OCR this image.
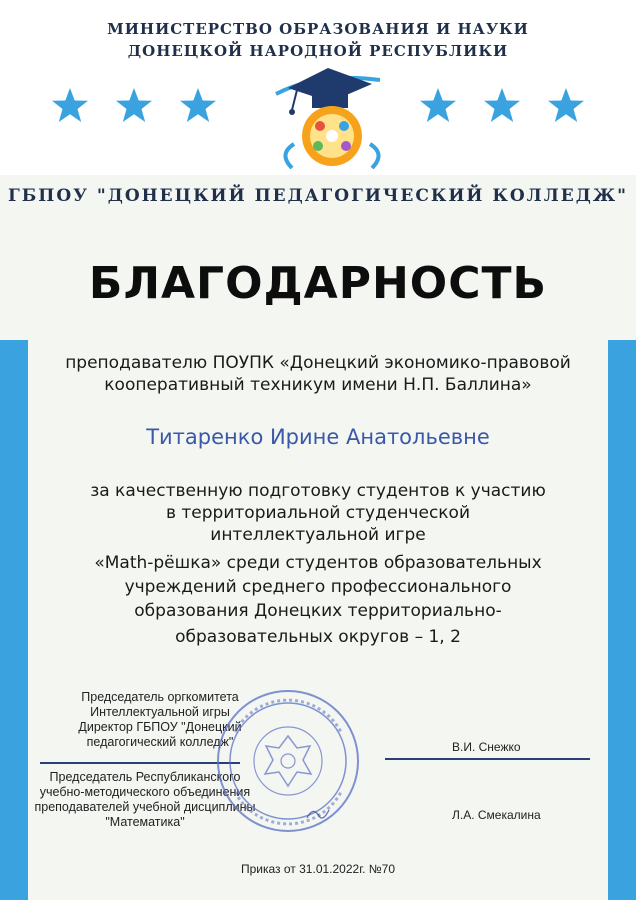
МИНИСТЕРСТВО ОБРАЗОВАНИЯ И НАУКИ
ДОНЕЦКОЙ НАРОДНОЙ РЕСПУБЛИКИ
ГБПОУ "ДОНЕЦКИЙ ПЕДАГОГИЧЕСКИЙ КОЛЛЕДЖ"
БЛАГОДАРНОСТЬ
преподавателю ПОУПК «Донецкий экономико-правовой
кооперативный техникум имени Н.П. Баллина»
Титаренко Ирине Анатольевне
за качественную подготовку студентов к участию
в территориальной студенческой
интеллектуальной игре
«Math-рёшка» среди студентов образовательных
учреждений среднего профессионального
образования Донецких территориально-
образовательных округов – 1, 2
Председатель оргкомитета
Интеллектуальной игры
Директор ГБПОУ "Донецкий
педагогический колледж"	В.И. Снежко
Председатель Республиканского
учебно-методического объединения
преподавателей учебной дисциплины
"Математика"	Л.А. Смекалина
Приказ от 31.01.2022г. №70
